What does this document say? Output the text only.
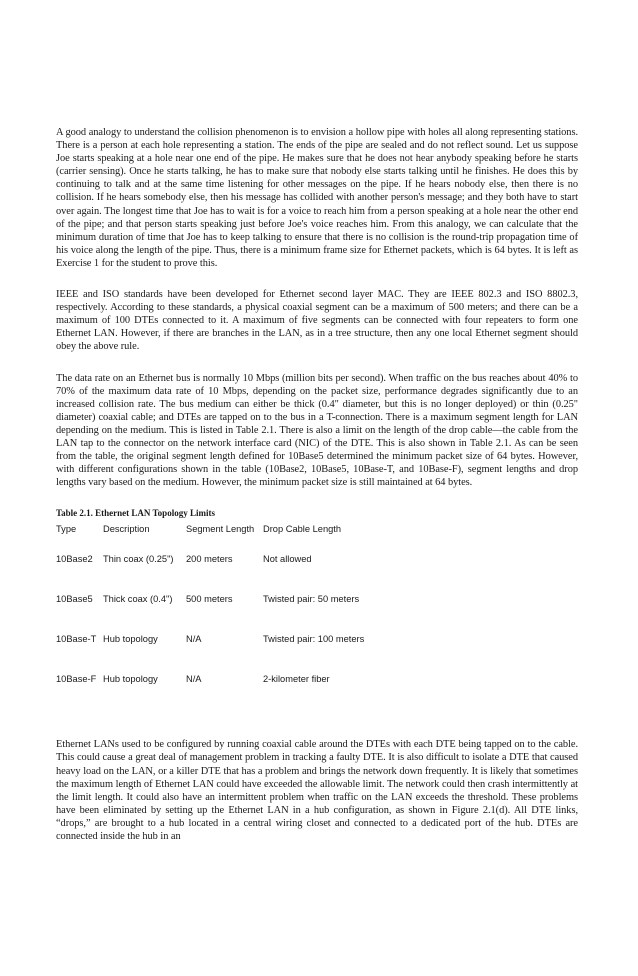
A good analogy to understand the collision phenomenon is to envision a hollow pipe with holes all along representing stations. There is a person at each hole representing a station. The ends of the pipe are sealed and do not reflect sound. Let us suppose Joe starts speaking at a hole near one end of the pipe. He makes sure that he does not hear anybody speaking before he starts (carrier sensing). Once he starts talking, he has to make sure that nobody else starts talking until he finishes. He does this by continuing to talk and at the same time listening for other messages on the pipe. If he hears nobody else, then there is no collision. If he hears somebody else, then his message has collided with another person's message; and they both have to start over again. The longest time that Joe has to wait is for a voice to reach him from a person speaking at a hole near the other end of the pipe; and that person starts speaking just before Joe's voice reaches him. From this analogy, we can calculate that the minimum duration of time that Joe has to keep talking to ensure that there is no collision is the round-trip propagation time of his voice along the length of the pipe. Thus, there is a minimum frame size for Ethernet packets, which is 64 bytes. It is left as Exercise 1 for the student to prove this.

IEEE and ISO standards have been developed for Ethernet second layer MAC. They are IEEE 802.3 and ISO 8802.3, respectively. According to these standards, a physical coaxial segment can be a maximum of 500 meters; and there can be a maximum of 100 DTEs connected to it. A maximum of five segments can be connected with four repeaters to form one Ethernet LAN. However, if there are branches in the LAN, as in a tree structure, then any one local Ethernet segment should obey the above rule.

The data rate on an Ethernet bus is normally 10 Mbps (million bits per second). When traffic on the bus reaches about 40% to 70% of the maximum data rate of 10 Mbps, depending on the packet size, performance degrades significantly due to an increased collision rate. The bus medium can either be thick (0.4" diameter, but this is no longer deployed) or thin (0.25" diameter) coaxial cable; and DTEs are tapped on to the bus in a T-connection. There is a maximum segment length for LAN depending on the medium. This is listed in Table 2.1. There is also a limit on the length of the drop cable—the cable from the LAN tap to the connector on the network interface card (NIC) of the DTE. This is also shown in Table 2.1. As can be seen from the table, the original segment length defined for 10Base5 determined the minimum packet size of 64 bytes. However, with different configurations shown in the table (10Base2, 10Base5, 10Base-T, and 10Base-F), segment lengths and drop lengths vary based on the medium. However, the minimum packet size is still maintained at 64 bytes.

Table 2.1. Ethernet LAN Topology Limits
Type	Description	Segment Length	Drop Cable Length
10Base2	Thin coax (0.25")	200 meters	Not allowed
10Base5	Thick coax (0.4")	500 meters	Twisted pair: 50 meters
10Base-T	Hub topology	N/A	Twisted pair: 100 meters
10Base-F	Hub topology	N/A	2-kilometer fiber

Ethernet LANs used to be configured by running coaxial cable around the DTEs with each DTE being tapped on to the cable. This could cause a great deal of management problem in tracking a faulty DTE. It is also difficult to isolate a DTE that caused heavy load on the LAN, or a killer DTE that has a problem and brings the network down frequently. It is likely that sometimes the maximum length of Ethernet LAN could have exceeded the allowable limit. The network could then crash intermittently at the limit length. It could also have an intermittent problem when traffic on the LAN exceeds the threshold. These problems have been eliminated by setting up the Ethernet LAN in a hub configuration, as shown in Figure 2.1(d). All DTE links, “drops,” are brought to a hub located in a central wiring closet and connected to a dedicated port of the hub. DTEs are connected inside the hub in an
